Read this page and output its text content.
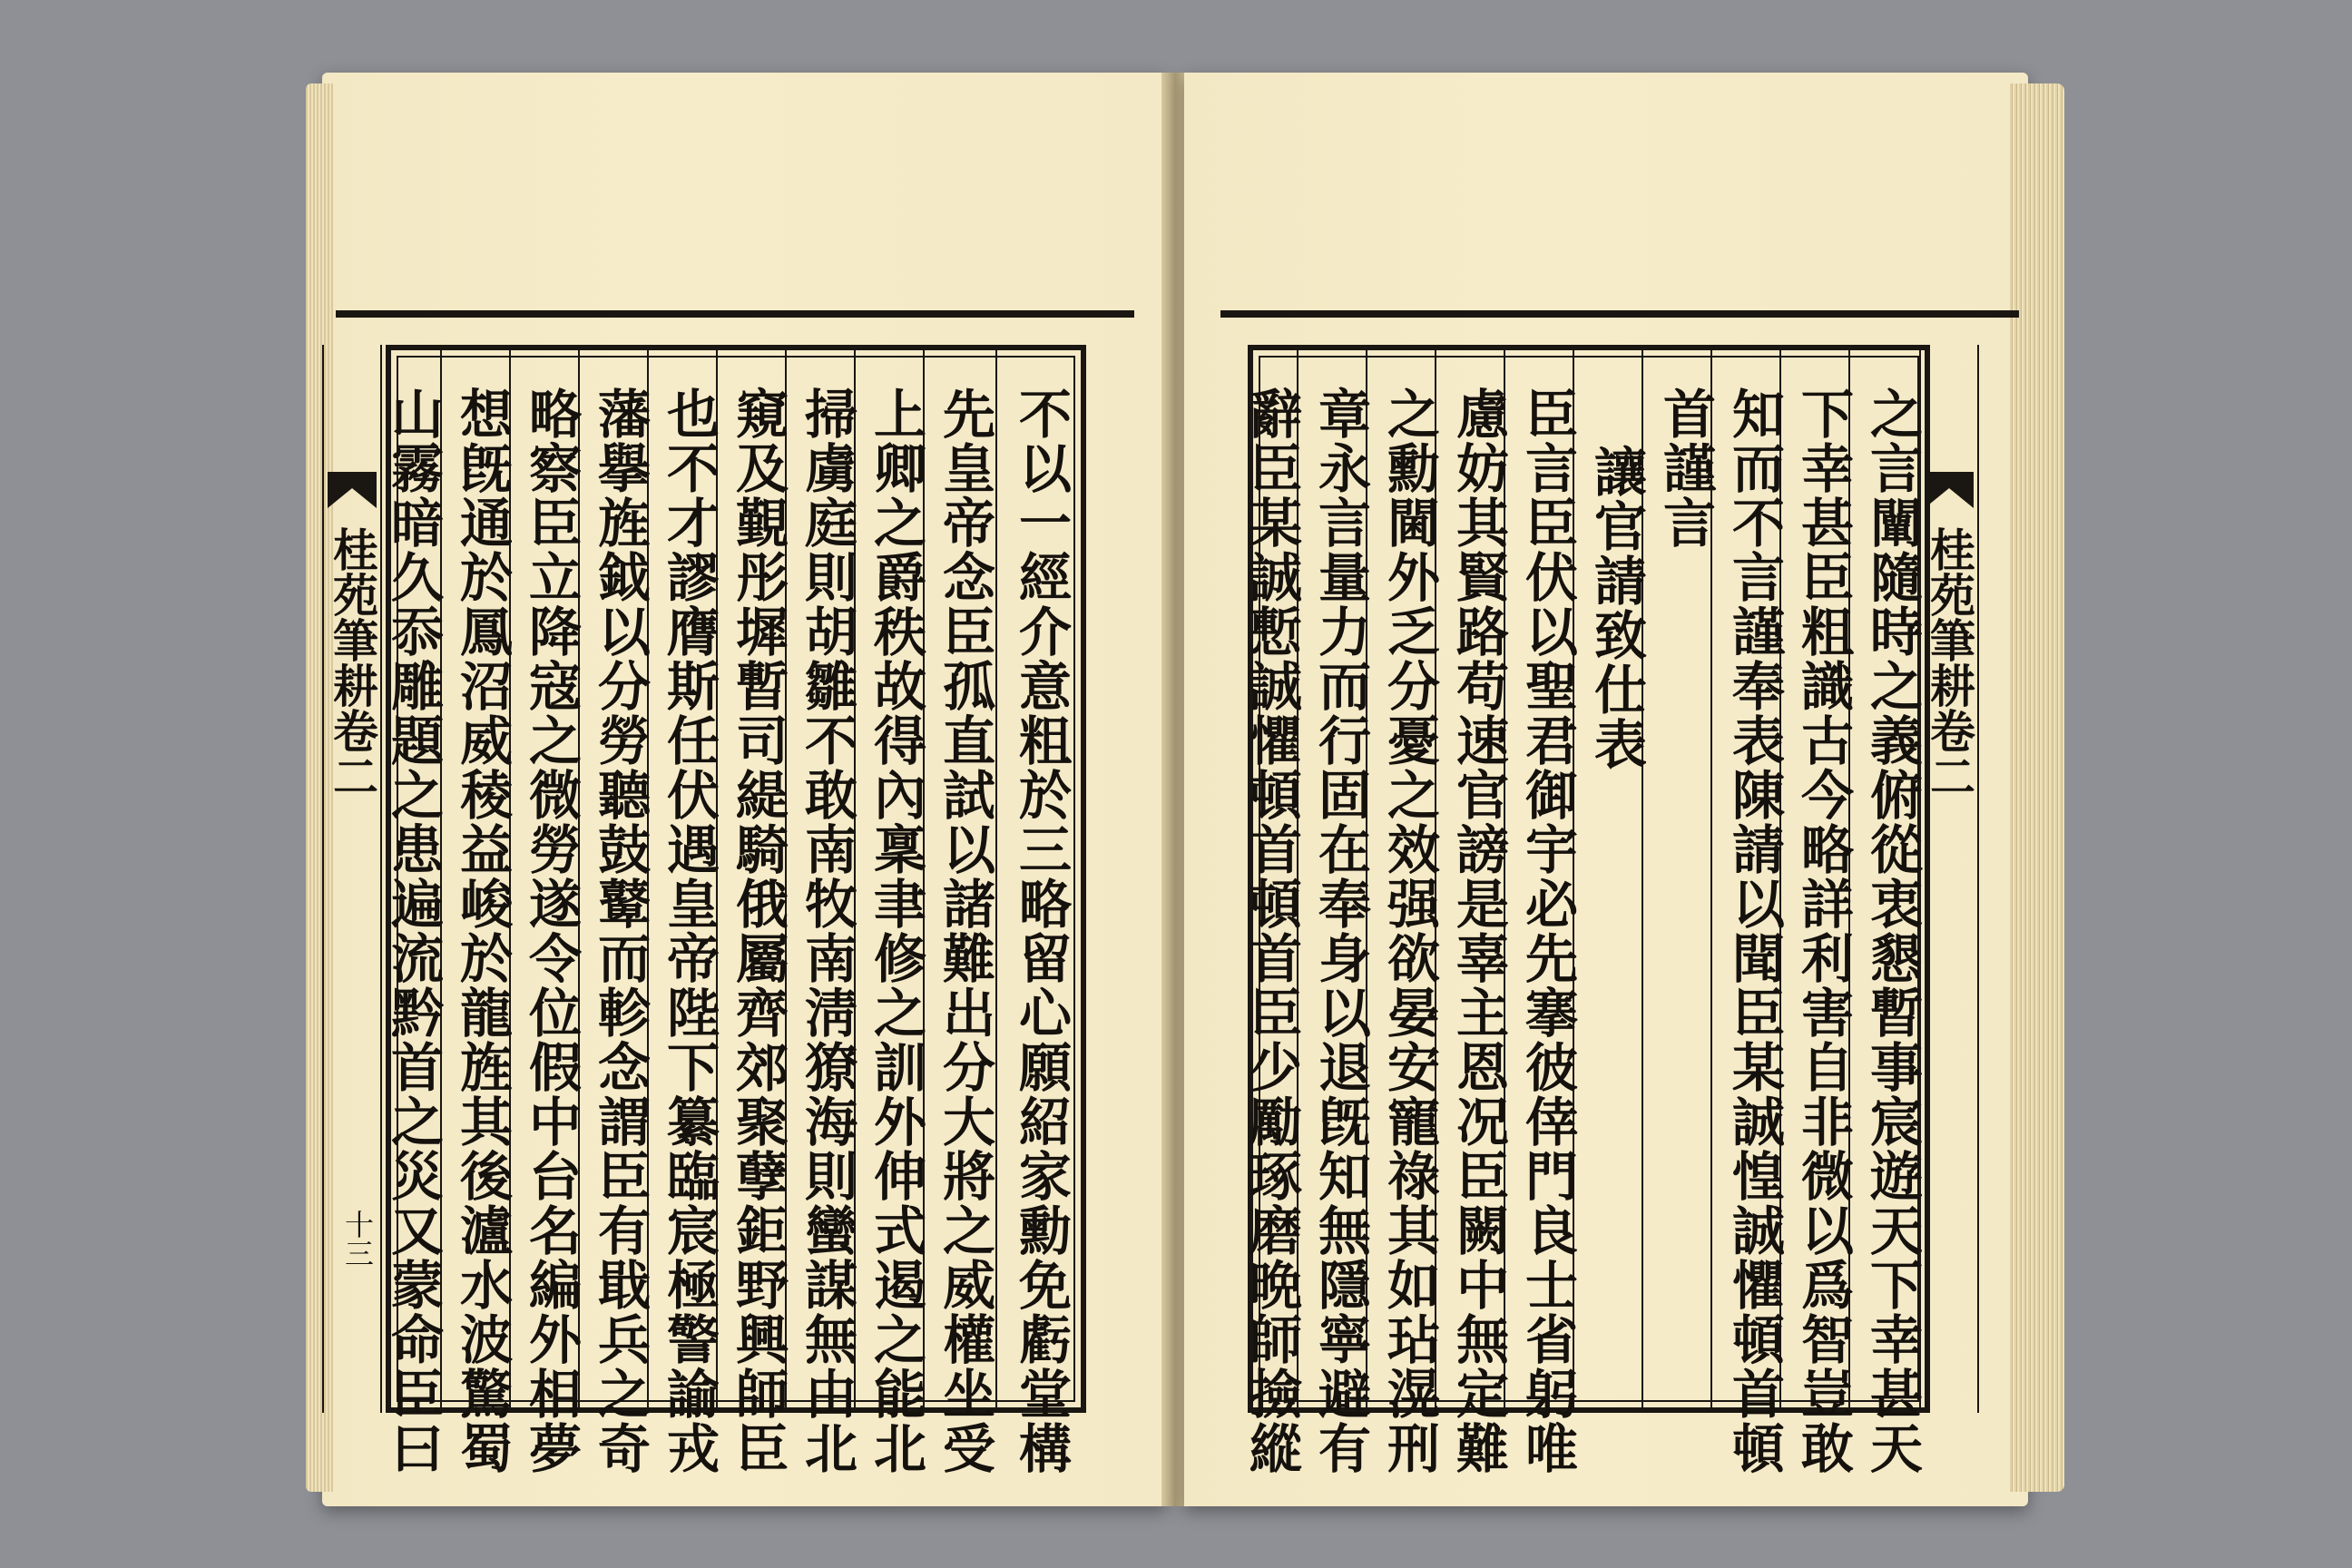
不以一經介意粗於三略留心願紹家勳免虧堂構
先皇帝念臣孤直試以諸難出分大將之威權坐受
上卿之爵秩故得內稟聿修之訓外伸式遏之能北
掃虜庭則胡雛不敢南牧南淸獠海則蠻謀無由北
窺及覲彤墀暫司緹騎俄屬齊郊聚孽鉅野興師臣
也不才謬膺斯任伏遇皇帝陛下纂臨宸極警諭戎
藩擧旌鉞以分勞聽鼓鼙而軫念謂臣有戢兵之奇
略察臣立降寇之微勞遂令位假中台名編外相夢
想旣通於鳳沼威稜益峻於龍旌其後瀘水波驚蜀
山霧暗久忝雕題之患遍流黔首之災又蒙命臣曰
桂苑筆耕卷二
十三	之言闡隨時之義俯從衷懇暫事宸遊天下幸甚天
下幸甚臣粗識古今略詳利害自非微以爲智豈敢
知而不言謹奉表陳請以聞臣某誠惶誠懼頓首頓
首謹言
讓官請致仕表
臣言臣伏以聖君御宇必先搴彼倖門良士省躬唯
慮妨其賢路苟速官謗是辜主恩况臣闕中無定難
之勳閫外乏分憂之效强欲晏安寵祿其如玷滉刑
章永言量力而行固在奉身以退旣知無隱寧避有
辭臣某誠慙誠懼頓首頓首臣少勵琢磨晩師撿縱	桂苑筆耕卷二
